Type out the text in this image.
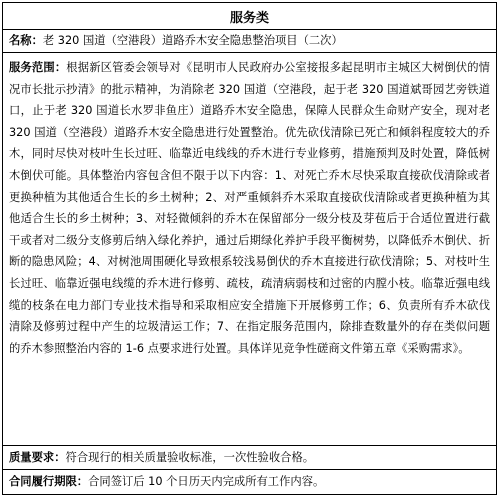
服务类
名称：老 320 国道（空港段）道路乔木安全隐患整治项目（二次）
服务范围：根据新区管委会领导对《昆明市人民政府办公室接报多起昆明市主城区大树倒伏的情况市长批示抄清》的批示精神，为消除老 320 国道（空港段，起于老 320 国道斌哥园艺旁铁道口，止于老 320 国道长水罗非鱼庄）道路乔木安全隐患，保障人民群众生命财产安全，现对老 320 国道（空港段）道路乔木安全隐患进行处置整治。优先砍伐清除已死亡和倾斜程度较大的乔木，同时尽快对枝叶生长过旺、临靠近电线线的乔木进行专业修剪，措施预判及时处置，降低树木倒伏可能。具体整治内容包含但不限于以下内容：1、对死亡乔木尽快采取直接砍伐清除或者更换种植为其他适合生长的乡土树种；2、对严重倾斜乔木采取直接砍伐清除或者更换种植为其他适合生长的乡土树种；3、对轻微倾斜的乔木在保留部分一级分枝及芽苞后于合适位置进行截干或者对二级分支修剪后纳入绿化养护，通过后期绿化养护手段平衡树势，以降低乔木倒伏、折断的隐患风险；4、对树池周围硬化导致根系较浅易倒伏的乔木直接进行砍伐清除；5、对枝叶生长过旺、临靠近强电线缆的乔木进行修剪、疏枝，疏清病弱枝和过密的内膛小枝。临靠近强电线缆的枝条在电力部门专业技术指导和采取相应安全措施下开展修剪工作；6、负责所有乔木砍伐清除及修剪过程中产生的垃圾清运工作；7、在指定服务范围内，除排查数量外的存在类似问题的乔木参照整治内容的 1-6 点要求进行处置。具体详见竞争性磋商文件第五章《采购需求》。
质量要求：符合现行的相关质量验收标准，一次性验收合格。
合同履行期限：合同签订后 10 个日历天内完成所有工作内容。
